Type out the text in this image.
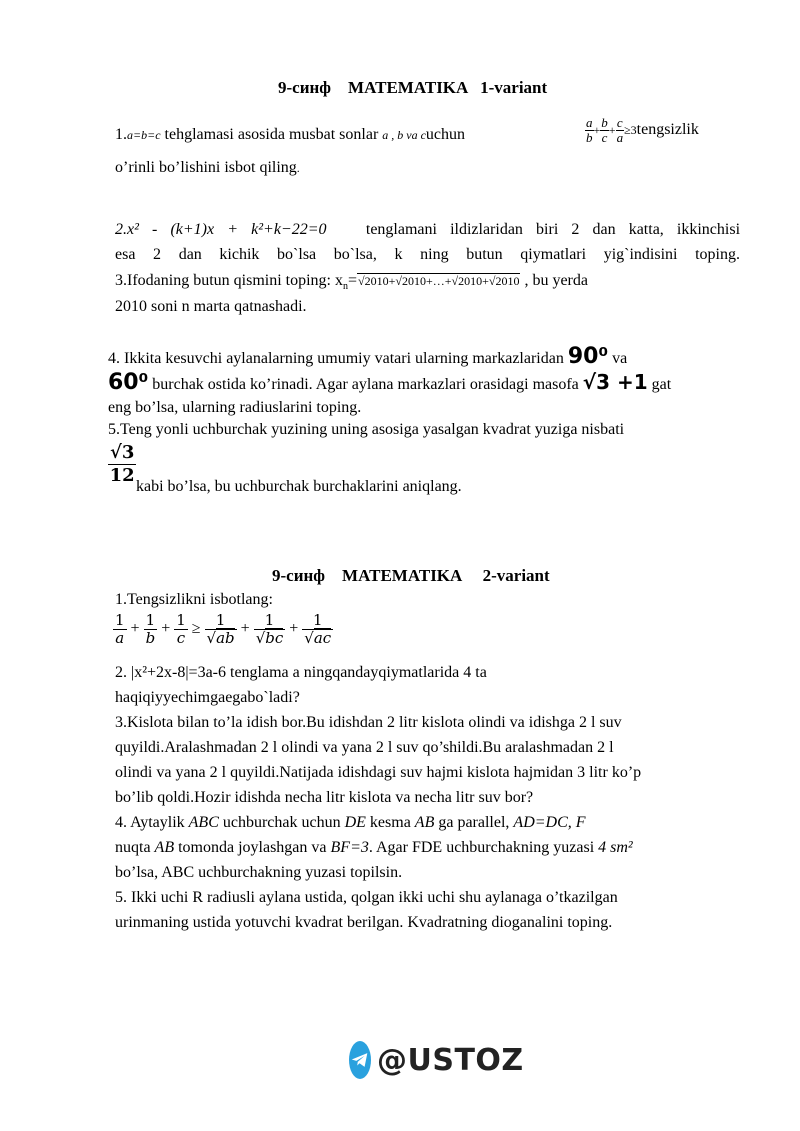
9-синф    MATEMATIKA   1-variant
1.a=b=c tehglamasi asosida musbat sonlar a , b va cuchun	$\frac{a}{b} + \frac{b}{c} + \frac{c}{a}$ ≥3tengsizlik
o’rinli bo’lishini isbot qiling.
2.x² - (k+1)x + k²+k−22=0 tenglamani ildizlaridan biri 2 dan katta, ikkinchisi
esa 2 dan kichik bo`lsa bo`lsa, k ning butun qiymatlari yig`indisini toping.
3.Ifodaning butun qismini toping: $x_n=√2010+√2010+\dots+√2010+√2010$ , bu yerda
2010 soni n marta qatnashadi.
4. Ikkita kesuvchi aylanalarning umumiy vatari ularning markazlaridan 90⁰ va
60⁰ burchak ostida ko’rinadi. Agar aylana markazlari orasidagi masofa √3 +1 gat
eng bo’lsa, ularning radiuslarini toping.
5.Teng yonli uchburchak yuzining uning asosiga yasalgan kvadrat yuziga nisbati
$\frac{√3}{12}$ kabi bo’lsa, bu uchburchak burchaklarini aniqlang.
9-синф    MATEMATIKA     2-variant
1.Tengsizlikni isbotlang:
$\frac{1}{a} + \frac{1}{b} + \frac{1}{c} \ge \frac{1}{√ab} + \frac{1}{√bc} + \frac{1}{√ac}$
2. |x²+2x-8|=3a-6 tenglama a ningqandayqiymatlarida 4 ta
haqiqiyyechimgaegabo`ladi?
3.Kislota bilan to’la idish bor.Bu idishdan 2 litr kislota olindi va idishga 2 l suv
quyildi.Aralashmadan 2 l olindi va yana 2 l suv qo’shildi.Bu aralashmadan 2 l
olindi va yana 2 l quyildi.Natijada idishdagi suv hajmi kislota hajmidan 3 litr ko’p
bo’lib qoldi.Hozir idishda necha litr kislota va necha litr suv bor?
4. Aytaylik ABC uchburchak uchun DE kesma AB ga parallel, AD=DC, F
nuqta AB tomonda joylashgan va BF=3. Agar FDE uchburchakning yuzasi 4 sm²
bo’lsa, ABC uchburchakning yuzasi topilsin.
5. Ikki uchi R radiusli aylana ustida, qolgan ikki uchi shu aylanaga o’tkazilgan
urinmaning ustida yotuvchi kvadrat berilgan. Kvadratning dioganalini toping.
@USTOZ
